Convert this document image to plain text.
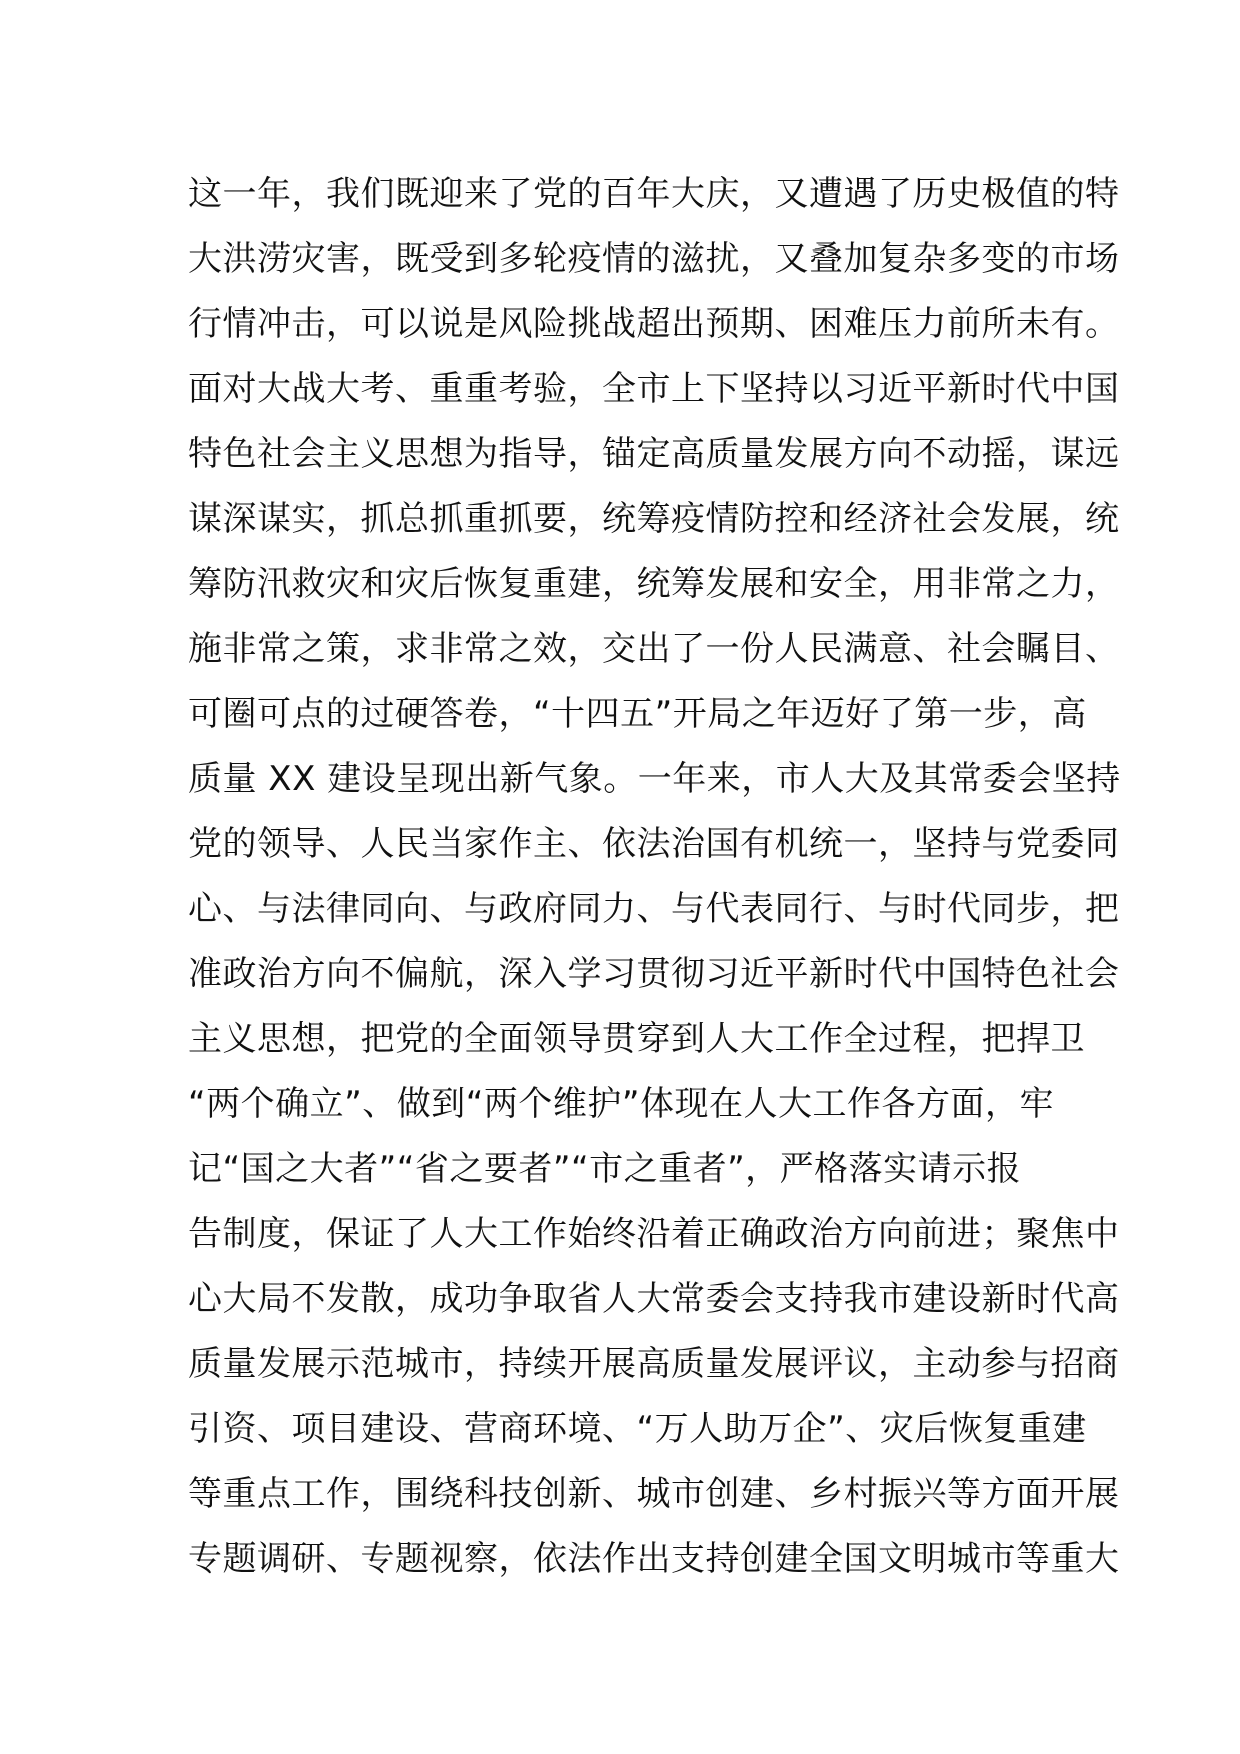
这一年，我们既迎来了党的百年大庆，又遭遇了历史极值的特
大洪涝灾害，既受到多轮疫情的滋扰，又叠加复杂多变的市场
行情冲击，可以说是风险挑战超出预期、困难压力前所未有。
面对大战大考、重重考验，全市上下坚持以习近平新时代中国
特色社会主义思想为指导，锚定高质量发展方向不动摇，谋远
谋深谋实，抓总抓重抓要，统筹疫情防控和经济社会发展，统
筹防汛救灾和灾后恢复重建，统筹发展和安全，用非常之力，
施非常之策，求非常之效，交出了一份人民满意、社会瞩目、
可圈可点的过硬答卷，“十四五”开局之年迈好了第一步，高
质量 XX 建设呈现出新气象。一年来，市人大及其常委会坚持
党的领导、人民当家作主、依法治国有机统一，坚持与党委同
心、与法律同向、与政府同力、与代表同行、与时代同步，把
准政治方向不偏航，深入学习贯彻习近平新时代中国特色社会
主义思想，把党的全面领导贯穿到人大工作全过程，把捍卫
“两个确立”、做到“两个维护”体现在人大工作各方面，牢
记“国之大者”“省之要者”“市之重者”，严格落实请示报
告制度，保证了人大工作始终沿着正确政治方向前进；聚焦中
心大局不发散，成功争取省人大常委会支持我市建设新时代高
质量发展示范城市，持续开展高质量发展评议，主动参与招商
引资、项目建设、营商环境、“万人助万企”、灾后恢复重建
等重点工作，围绕科技创新、城市创建、乡村振兴等方面开展
专题调研、专题视察，依法作出支持创建全国文明城市等重大
